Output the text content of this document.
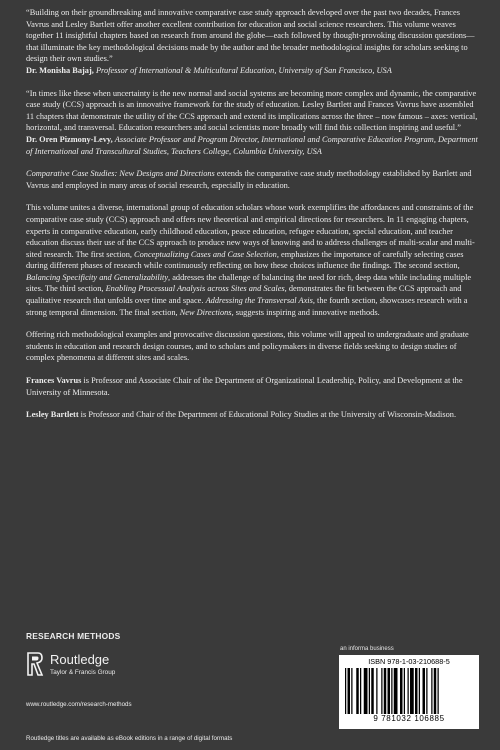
“Building on their groundbreaking and innovative comparative case study approach developed over the past two decades, Frances Vavrus and Lesley Bartlett offer another excellent contribution for education and social science researchers. This volume weaves together 11 insightful chapters based on research from around the globe—each followed by thought-provoking discussion questions—that illuminate the key methodological decisions made by the author and the broader methodological insights for scholars seeking to design their own studies.”

Dr. Monisha Bajaj, Professor of International & Multicultural Education, University of San Francisco, USA

“In times like these when uncertainty is the new normal and social systems are becoming more complex and dynamic, the comparative case study (CCS) approach is an innovative framework for the study of education. Lesley Bartlett and Frances Vavrus have assembled 11 chapters that demonstrate the utility of the CCS approach and extend its implications across the three – now famous – axes: vertical, horizontal, and transversal. Education researchers and social scientists more broadly will find this collection inspiring and useful.”

Dr. Oren Pizmony-Levy, Associate Professor and Program Director, International and Comparative Education Program, Department of International and Transcultural Studies, Teachers College, Columbia University, USA

Comparative Case Studies: New Designs and Directions extends the comparative case study methodology established by Bartlett and Vavrus and employed in many areas of social research, especially in education.

This volume unites a diverse, international group of education scholars whose work exemplifies the affordances and constraints of the comparative case study (CCS) approach and offers new theoretical and empirical directions for researchers. In 11 engaging chapters, experts in comparative education, early childhood education, peace education, refugee education, special education, and teacher education discuss their use of the CCS approach to produce new ways of knowing and to address challenges of multi-scalar and multi-sited research. The first section, Conceptualizing Cases and Case Selection, emphasizes the importance of carefully selecting cases during different phases of research while continuously reflecting on how these choices influence the findings. The second section, Balancing Specificity and Generalizability, addresses the challenge of balancing the need for rich, deep data while including multiple sites. The third section, Enabling Processual Analysis across Sites and Scales, demonstrates the fit between the CCS approach and qualitative research that unfolds over time and space. Addressing the Transversal Axis, the fourth section, showcases research with a strong temporal dimension. The final section, New Directions, suggests inspiring and innovative methods.

Offering rich methodological examples and provocative discussion questions, this volume will appeal to undergraduate and graduate students in education and research design courses, and to scholars and policymakers in diverse fields seeking to design studies of complex phenomena at different sites and scales.

Frances Vavrus is Professor and Associate Chair of the Department of Organizational Leadership, Policy, and Development at the University of Minnesota.

Lesley Bartlett is Professor and Chair of the Department of Educational Policy Studies at the University of Wisconsin-Madison.

RESEARCH METHODS
Routledge
Taylor & Francis Group
www.routledge.com/research-methods
Routledge titles are available as eBook editions in a range of digital formats
an informa business
ISBN 978-1-03-210688-5
9 781032 106885
